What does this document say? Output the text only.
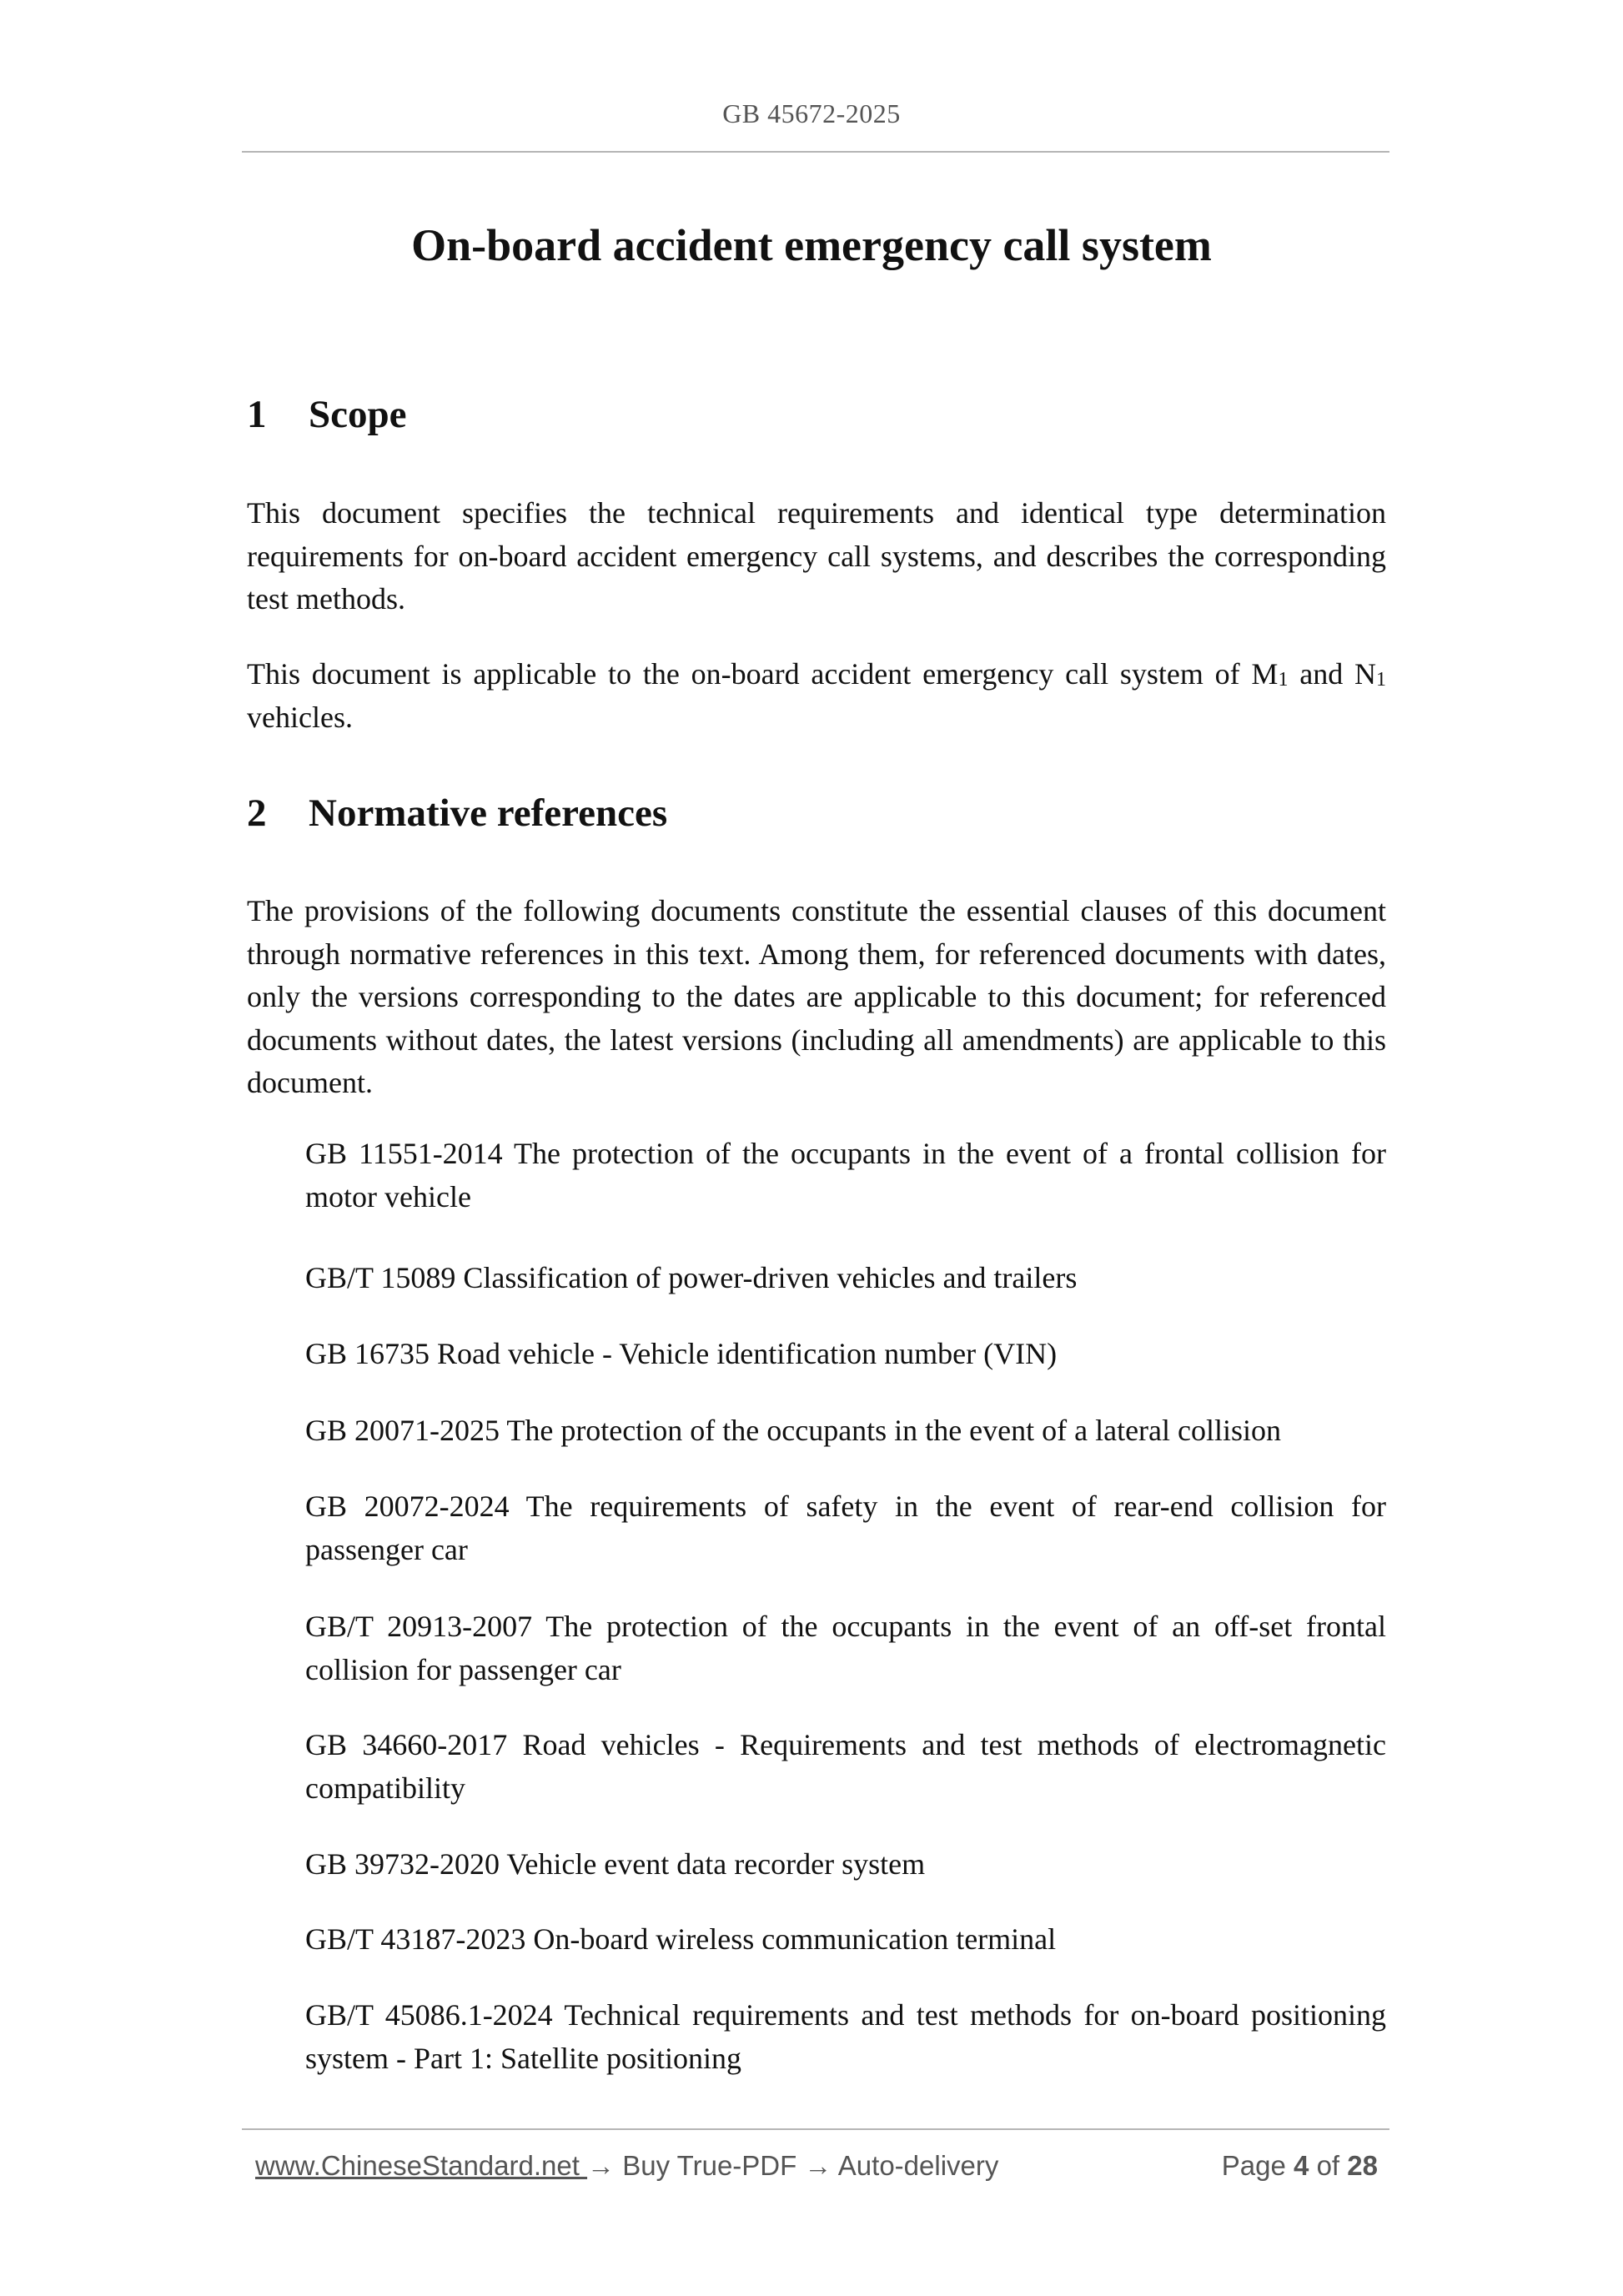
GB 45672-2025
On-board accident emergency call system
1 Scope
This document specifies the technical requirements and identical type determination requirements for on-board accident emergency call systems, and describes the corresponding test methods.
This document is applicable to the on-board accident emergency call system of $M_1$ and $N_1$ vehicles.
2 Normative references
The provisions of the following documents constitute the essential clauses of this document through normative references in this text. Among them, for referenced documents with dates, only the versions corresponding to the dates are applicable to this document; for referenced documents without dates, the latest versions (including all amendments) are applicable to this document.
GB 11551-2014 The protection of the occupants in the event of a frontal collision for motor vehicle
GB/T 15089 Classification of power-driven vehicles and trailers
GB 16735 Road vehicle - Vehicle identification number (VIN)
GB 20071-2025 The protection of the occupants in the event of a lateral collision
GB 20072-2024 The requirements of safety in the event of rear-end collision for passenger car
GB/T 20913-2007 The protection of the occupants in the event of an off-set frontal collision for passenger car
GB 34660-2017 Road vehicles - Requirements and test methods of electromagnetic compatibility
GB 39732-2020 Vehicle event data recorder system
GB/T 43187-2023 On-board wireless communication terminal
GB/T 45086.1-2024 Technical requirements and test methods for on-board positioning system - Part 1: Satellite positioning
www.ChineseStandard.net → Buy True-PDF → Auto-delivery	Page 4 of 28
